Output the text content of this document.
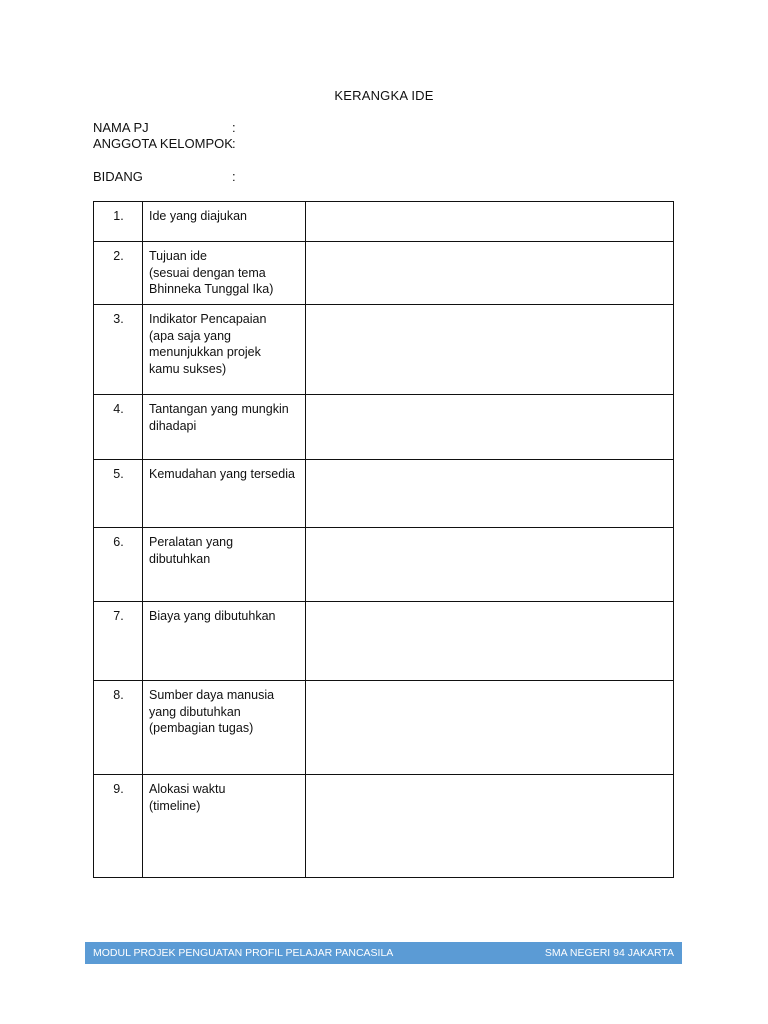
KERANGKA IDE
NAMA PJ	:
ANGGOTA KELOMPOK:
BIDANG	:
1.	Ide yang diajukan	
2.	Tujuan ide
(sesuai dengan tema
Bhinneka Tunggal Ika)	
3.	Indikator Pencapaian
(apa saja yang
menunjukkan projek
kamu sukses)	
4.	Tantangan yang mungkin
dihadapi	
5.	Kemudahan yang tersedia	
6.	Peralatan yang
dibutuhkan	
7.	Biaya yang dibutuhkan	
8.	Sumber daya manusia
yang dibutuhkan
(pembagian tugas)	
9.	Alokasi waktu
(timeline)	
MODUL PROJEK PENGUATAN PROFIL PELAJAR PANCASILA	SMA NEGERI 94 JAKARTA
